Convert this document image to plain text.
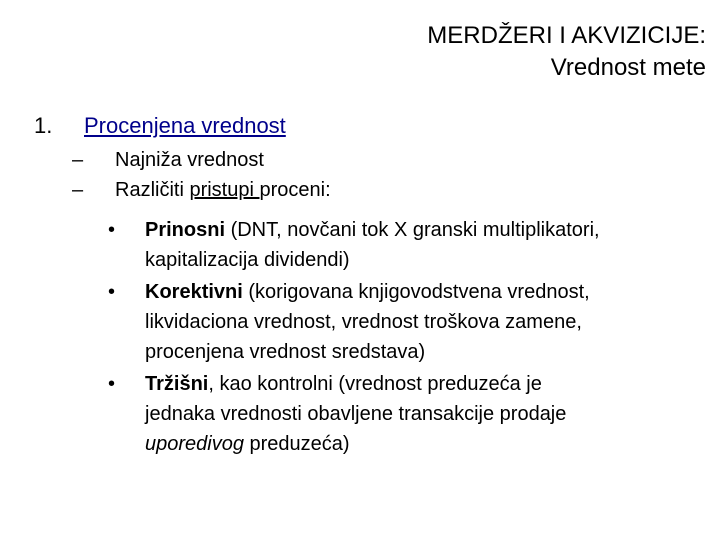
MERDŽERI I AKVIZICIJE:
Vrednost mete
1. Procenjena vrednost
– Najniža vrednost
– Različiti pristupi proceni:
• Prinosni (DNT, novčani tok X granski multiplikatori,
kapitalizacija dividendi)
• Korektivni (korigovana knjigovodstvena vrednost,
likvidaciona vrednost, vrednost troškova zamene,
procenjena vrednost sredstava)
• Tržišni, kao kontrolni (vrednost preduzeća je
jednaka vrednosti obavljene transakcije prodaje
uporedivog preduzeća)
